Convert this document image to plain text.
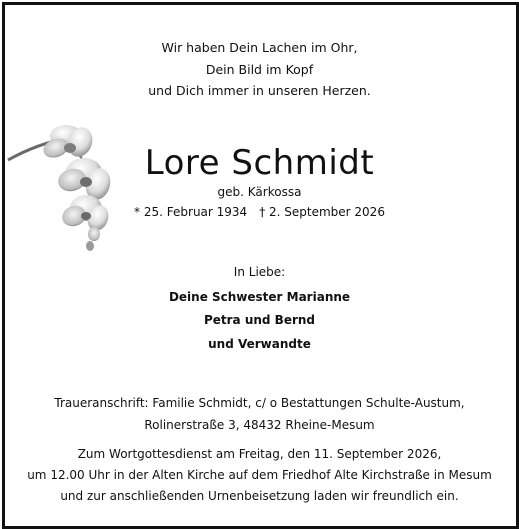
Wir haben Dein Lachen im Ohr,
Dein Bild im Kopf
und Dich immer in unseren Herzen.
Lore Schmidt
geb. Kärkossa
* 25. Februar 1934 † 2. September 2026
In Liebe:
Deine Schwester Marianne
Petra und Bernd
und Verwandte
Traueranschrift: Familie Schmidt, c/ o Bestattungen Schulte-Austum,
Rolinerstraße 3, 48432 Rheine-Mesum
Zum Wortgottesdienst am Freitag, den 11. September 2026,
um 12.00 Uhr in der Alten Kirche auf dem Friedhof Alte Kirchstraße in Mesum
und zur anschließenden Urnenbeisetzung laden wir freundlich ein.
